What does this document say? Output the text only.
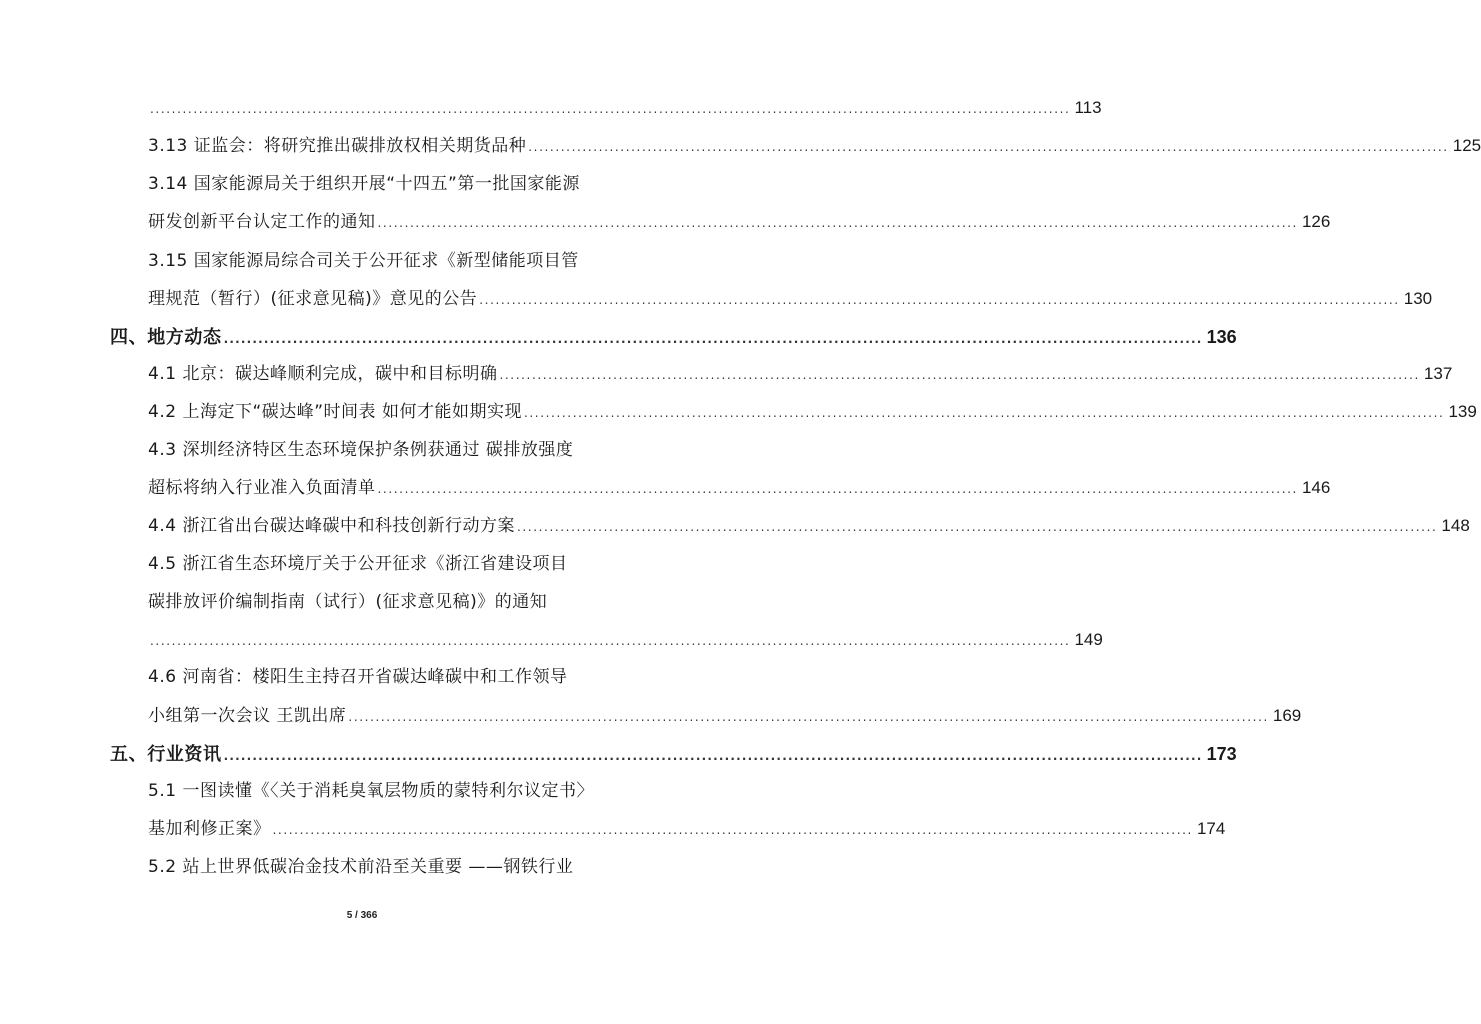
.......................................................................................................................................................................... 113
3.13 证监会：将研究推出碳排放权相关期货品种 .......................................................................................................................................................................... 125
3.14 国家能源局关于组织开展“十四五”第一批国家能源
研发创新平台认定工作的通知 .......................................................................................................................................................................... 126
3.15 国家能源局综合司关于公开征求《新型储能项目管
理规范（暂行）(征求意见稿)》意见的公告 .......................................................................................................................................................................... 130
四、地方动态 .......................................................................................................................................................................... 136
4.1 北京：碳达峰顺利完成，碳中和目标明确 .......................................................................................................................................................................... 137
4.2 上海定下“碳达峰”时间表 如何才能如期实现 .......................................................................................................................................................................... 139
4.3 深圳经济特区生态环境保护条例获通过 碳排放强度
超标将纳入行业准入负面清单 .......................................................................................................................................................................... 146
4.4 浙江省出台碳达峰碳中和科技创新行动方案 .......................................................................................................................................................................... 148
4.5 浙江省生态环境厅关于公开征求《浙江省建设项目
碳排放评价编制指南（试行）(征求意见稿)》的通知
.......................................................................................................................................................................... 149
4.6 河南省：楼阳生主持召开省碳达峰碳中和工作领导
小组第一次会议 王凯出席 .......................................................................................................................................................................... 169
五、行业资讯 .......................................................................................................................................................................... 173
5.1 一图读懂《〈关于消耗臭氧层物质的蒙特利尔议定书〉
基加利修正案》 .......................................................................................................................................................................... 174
5.2 站上世界低碳冶金技术前沿至关重要 ——钢铁行业
5 / 366
